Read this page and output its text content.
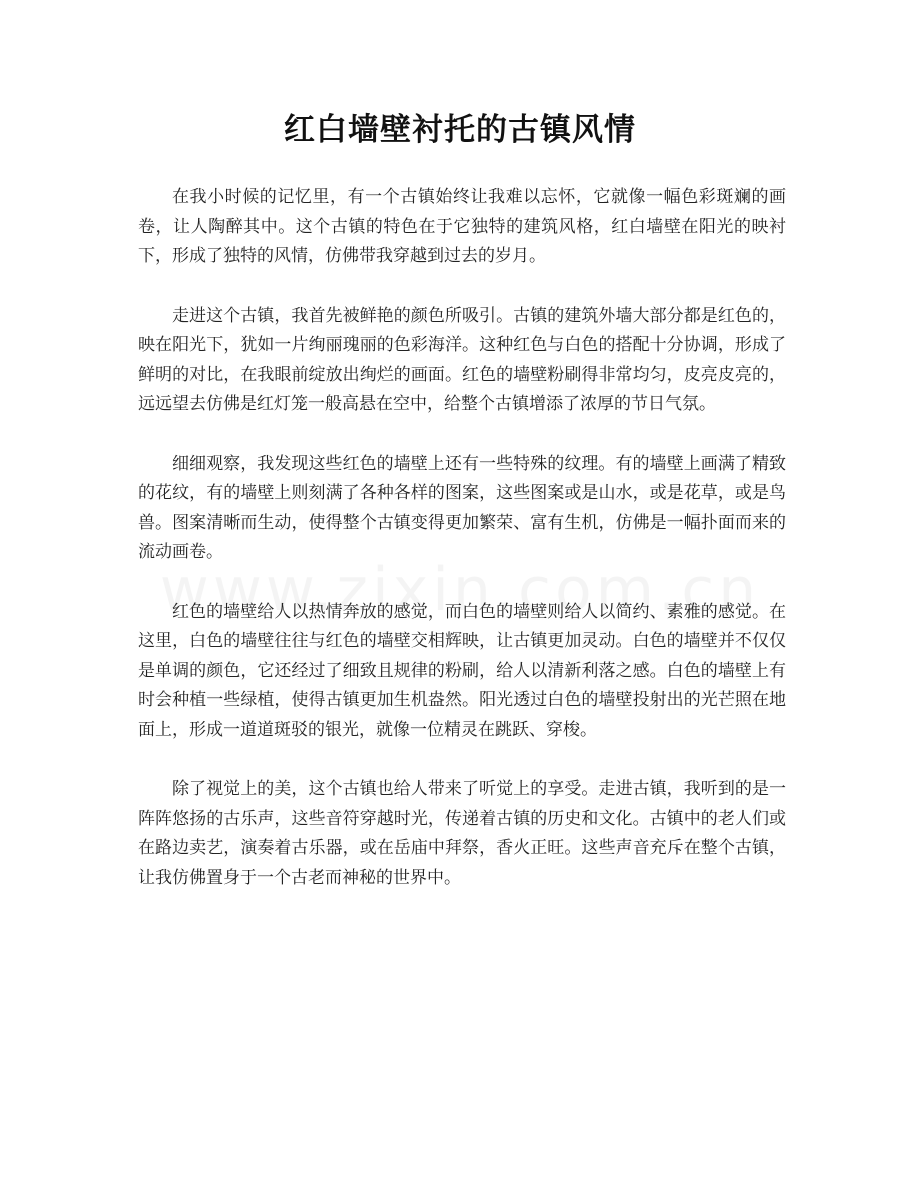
红白墙壁衬托的古镇风情

在我小时候的记忆里，有一个古镇始终让我难以忘怀，它就像一幅色彩斑斓的画卷，让人陶醉其中。这个古镇的特色在于它独特的建筑风格，红白墙壁在阳光的映衬下，形成了独特的风情，仿佛带我穿越到过去的岁月。

走进这个古镇，我首先被鲜艳的颜色所吸引。古镇的建筑外墙大部分都是红色的，映在阳光下，犹如一片绚丽瑰丽的色彩海洋。这种红色与白色的搭配十分协调，形成了鲜明的对比，在我眼前绽放出绚烂的画面。红色的墙壁粉刷得非常均匀，皮亮皮亮的，远远望去仿佛是红灯笼一般高悬在空中，给整个古镇增添了浓厚的节日气氛。

细细观察，我发现这些红色的墙壁上还有一些特殊的纹理。有的墙壁上画满了精致的花纹，有的墙壁上则刻满了各种各样的图案，这些图案或是山水，或是花草，或是鸟兽。图案清晰而生动，使得整个古镇变得更加繁荣、富有生机，仿佛是一幅扑面而来的流动画卷。

红色的墙壁给人以热情奔放的感觉，而白色的墙壁则给人以简约、素雅的感觉。在这里，白色的墙壁往往与红色的墙壁交相辉映，让古镇更加灵动。白色的墙壁并不仅仅是单调的颜色，它还经过了细致且规律的粉刷，给人以清新利落之感。白色的墙壁上有时会种植一些绿植，使得古镇更加生机盎然。阳光透过白色的墙壁投射出的光芒照在地面上，形成一道道斑驳的银光，就像一位精灵在跳跃、穿梭。

除了视觉上的美，这个古镇也给人带来了听觉上的享受。走进古镇，我听到的是一阵阵悠扬的古乐声，这些音符穿越时光，传递着古镇的历史和文化。古镇中的老人们或在路边卖艺，演奏着古乐器，或在岳庙中拜祭，香火正旺。这些声音充斥在整个古镇，让我仿佛置身于一个古老而神秘的世界中。
